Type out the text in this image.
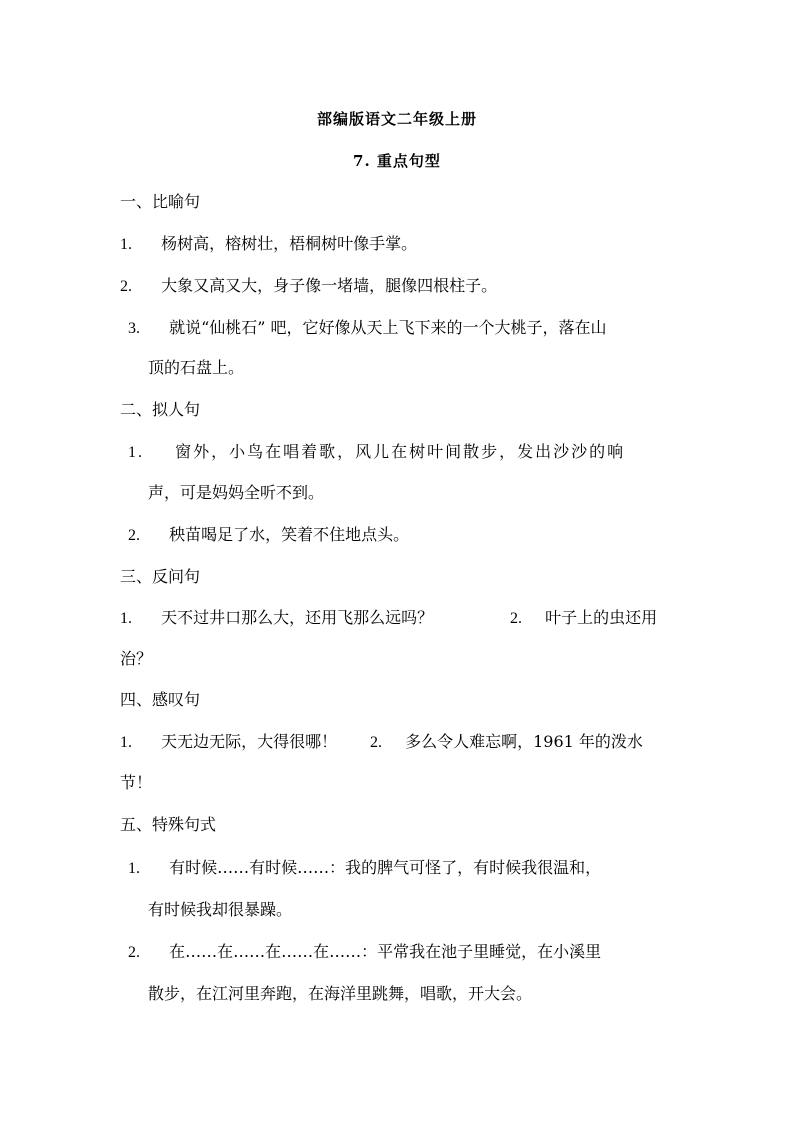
部编版语文二年级上册
7. 重点句型
一、比喻句
1. 杨树高，榕树壮，梧桐树叶像手掌。
2. 大象又高又大，身子像一堵墙，腿像四根柱子。
3. 就说“仙桃石” 吧，它好像从天上飞下来的一个大桃子，落在山
顶的石盘上。
二、拟人句
1. 窗外，小鸟在唱着歌，风儿在树叶间散步，发出沙沙的响
声，可是妈妈全听不到。
2. 秧苗喝足了水，笑着不住地点头。
三、反问句
1. 天不过井口那么大，还用飞那么远吗？	2. 叶子上的虫还用
治？
四、感叹句
1. 天无边无际，大得很哪！ 2. 多么令人难忘啊，1961 年的泼水
节！
五、特殊句式
1. 有时候……有时候……：我的脾气可怪了，有时候我很温和，
有时候我却很暴躁。
2. 在……在……在……在……：平常我在池子里睡觉，在小溪里
散步，在江河里奔跑，在海洋里跳舞，唱歌，开大会。
